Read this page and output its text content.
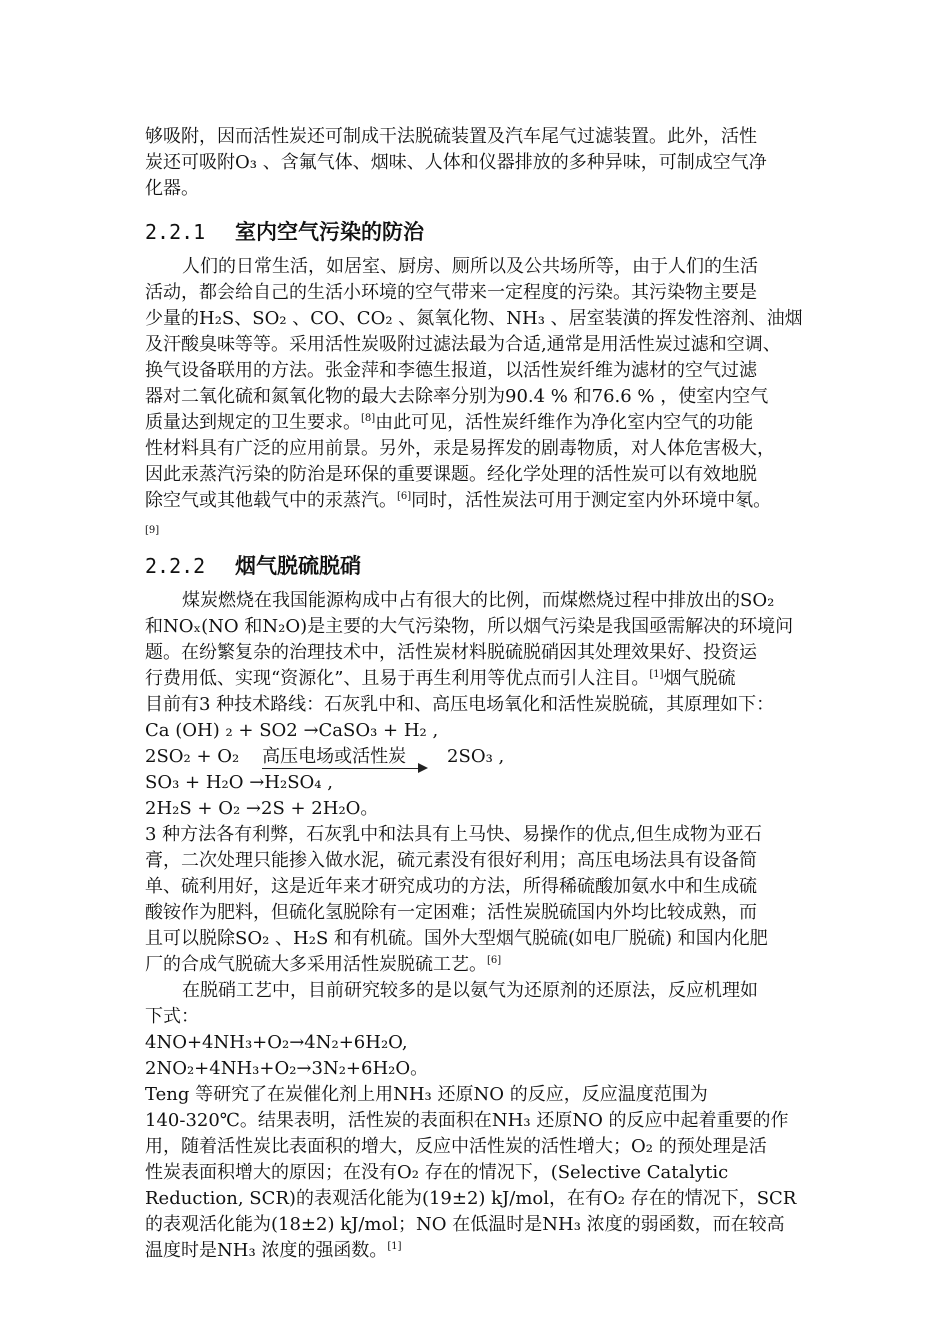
够吸附，因而活性炭还可制成干法脱硫装置及汽车尾气过滤装置。此外，活性

炭还可吸附O₃ 、含氟气体、烟味、人体和仪器排放的多种异味，可制成空气净

化器。

2.2.1 室内空气污染的防治

人们的日常生活，如居室、厨房、厕所以及公共场所等，由于人们的生活

活动，都会给自己的生活小环境的空气带来一定程度的污染。其污染物主要是

少量的H₂S、SO₂ 、CO、CO₂ 、氮氧化物、NH₃ 、居室装潢的挥发性溶剂、油烟

及汗酸臭味等等。采用活性炭吸附过滤法最为合适,通常是用活性炭过滤和空调、

换气设备联用的方法。张金萍和李德生报道，以活性炭纤维为滤材的空气过滤

器对二氧化硫和氮氧化物的最大去除率分别为90.4 % 和76.6 % ，使室内空气

质量达到规定的卫生要求。[8]由此可见，活性炭纤维作为净化室内空气的功能

性材料具有广泛的应用前景。另外，汞是易挥发的剧毒物质，对人体危害极大，

因此汞蒸汽污染的防治是环保的重要课题。经化学处理的活性炭可以有效地脱

除空气或其他载气中的汞蒸汽。[6]同时，活性炭法可用于测定室内外环境中氡。

[9]

2.2.2 烟气脱硫脱硝

煤炭燃烧在我国能源构成中占有很大的比例，而煤燃烧过程中排放出的SO₂

和NOₓ(NO 和N₂O)是主要的大气污染物，所以烟气污染是我国亟需解决的环境问

题。在纷繁复杂的治理技术中，活性炭材料脱硫脱硝因其处理效果好、投资运

行费用低、实现“资源化”、且易于再生利用等优点而引人注目。[1]烟气脱硫

目前有3 种技术路线：石灰乳中和、高压电场氧化和活性炭脱硫，其原理如下：

Ca (OH) ₂ + SO2 →CaSO₃ + H₂ ,

2SO₂ + O₂ 高压电场或活性炭 2SO₃ ,

SO₃ + H₂O →H₂SO₄ ,

2H₂S + O₂ →2S + 2H₂O。

3 种方法各有利弊，石灰乳中和法具有上马快、易操作的优点,但生成物为亚石

膏，二次处理只能掺入做水泥，硫元素没有很好利用；高压电场法具有设备简

单、硫利用好，这是近年来才研究成功的方法，所得稀硫酸加氨水中和生成硫

酸铵作为肥料，但硫化氢脱除有一定困难；活性炭脱硫国内外均比较成熟，而

且可以脱除SO₂ 、H₂S 和有机硫。国外大型烟气脱硫(如电厂脱硫) 和国内化肥

厂的合成气脱硫大多采用活性炭脱硫工艺。[6]

在脱硝工艺中，目前研究较多的是以氨气为还原剂的还原法，反应机理如

下式：

4NO+4NH₃+O₂→4N₂+6H₂O,

2NO₂+4NH₃+O₂→3N₂+6H₂O。

Teng 等研究了在炭催化剂上用NH₃ 还原NO 的反应，反应温度范围为

140-320℃。结果表明，活性炭的表面积在NH₃ 还原NO 的反应中起着重要的作

用，随着活性炭比表面积的增大，反应中活性炭的活性增大；O₂ 的预处理是活

性炭表面积增大的原因；在没有O₂ 存在的情况下，(Selective Catalytic

Reduction, SCR)的表观活化能为(19±2) kJ/mol，在有O₂ 存在的情况下，SCR

的表观活化能为(18±2) kJ/mol；NO 在低温时是NH₃ 浓度的弱函数，而在较高

温度时是NH₃ 浓度的强函数。[1]
